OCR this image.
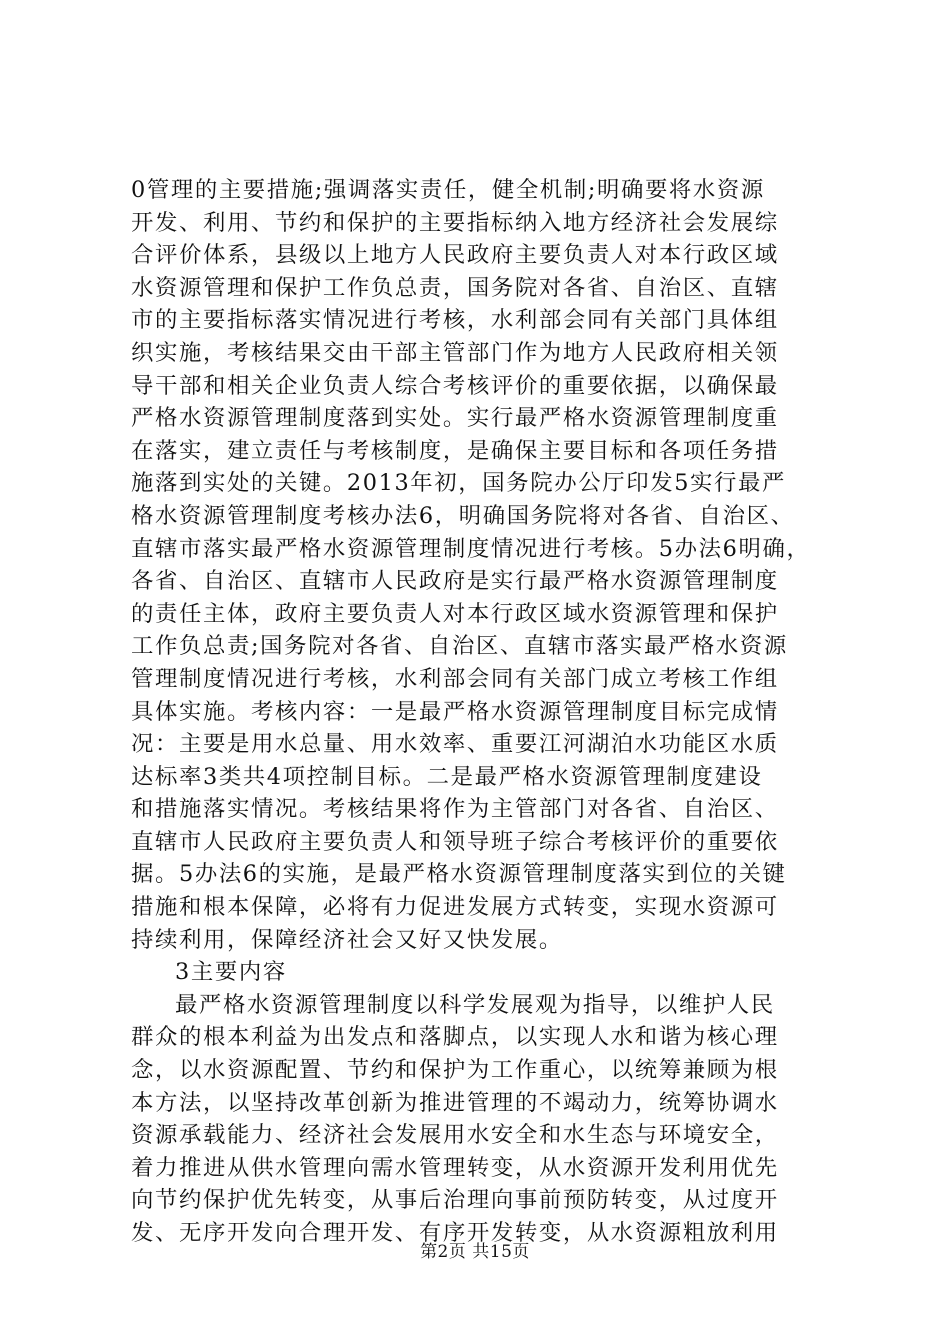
0管理的主要措施;强调落实责任，健全机制;明确要将水资源
开发、利用、节约和保护的主要指标纳入地方经济社会发展综
合评价体系，县级以上地方人民政府主要负责人对本行政区域
水资源管理和保护工作负总责，国务院对各省、自治区、直辖
市的主要指标落实情况进行考核，水利部会同有关部门具体组
织实施，考核结果交由干部主管部门作为地方人民政府相关领
导干部和相关企业负责人综合考核评价的重要依据，以确保最
严格水资源管理制度落到实处。实行最严格水资源管理制度重
在落实，建立责任与考核制度，是确保主要目标和各项任务措
施落到实处的关键。2013年初，国务院办公厅印发5实行最严
格水资源管理制度考核办法6，明确国务院将对各省、自治区、
直辖市落实最严格水资源管理制度情况进行考核。5办法6明确，
各省、自治区、直辖市人民政府是实行最严格水资源管理制度
的责任主体，政府主要负责人对本行政区域水资源管理和保护
工作负总责;国务院对各省、自治区、直辖市落实最严格水资源
管理制度情况进行考核，水利部会同有关部门成立考核工作组
具体实施。考核内容：一是最严格水资源管理制度目标完成情
况：主要是用水总量、用水效率、重要江河湖泊水功能区水质
达标率3类共4项控制目标。二是最严格水资源管理制度建设
和措施落实情况。考核结果将作为主管部门对各省、自治区、
直辖市人民政府主要负责人和领导班子综合考核评价的重要依
据。5办法6的实施，是最严格水资源管理制度落实到位的关键
措施和根本保障，必将有力促进发展方式转变，实现水资源可
持续利用，保障经济社会又好又快发展。
3主要内容
最严格水资源管理制度以科学发展观为指导，以维护人民
群众的根本利益为出发点和落脚点，以实现人水和谐为核心理
念，以水资源配置、节约和保护为工作重心，以统筹兼顾为根
本方法，以坚持改革创新为推进管理的不竭动力，统筹协调水
资源承载能力、经济社会发展用水安全和水生态与环境安全，
着力推进从供水管理向需水管理转变，从水资源开发利用优先
向节约保护优先转变，从事后治理向事前预防转变，从过度开
发、无序开发向合理开发、有序开发转变，从水资源粗放利用
第2页 共15页
